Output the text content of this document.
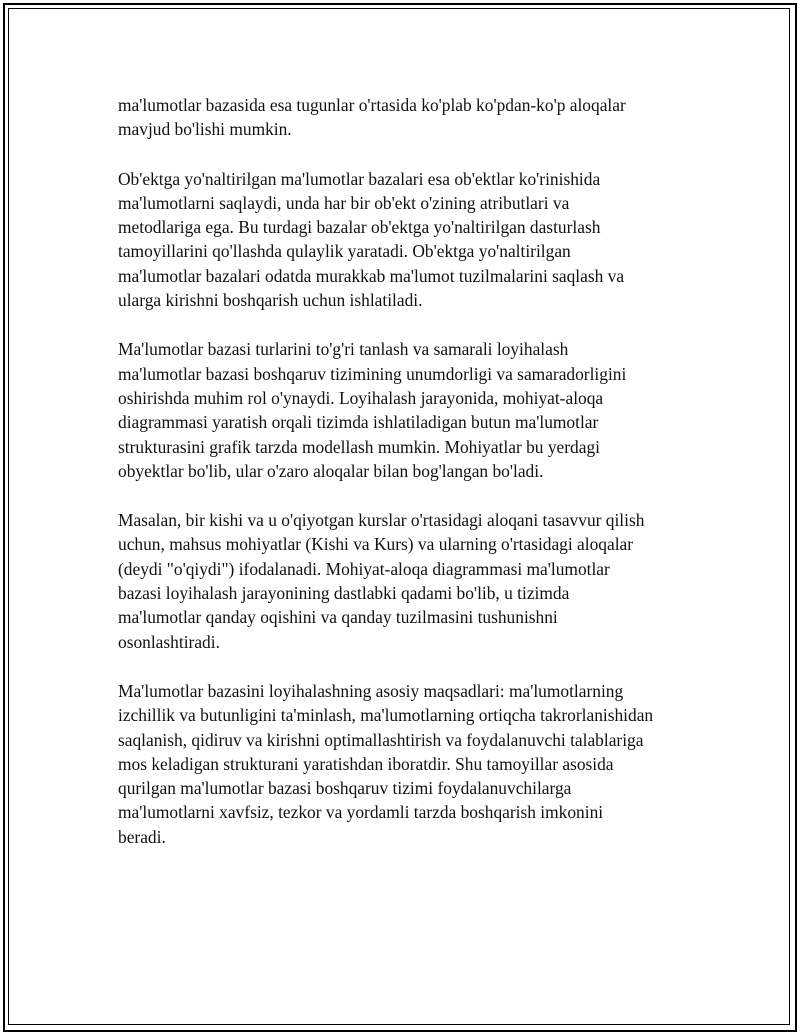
ma'lumotlar bazasida esa tugunlar o'rtasida ko'plab ko'pdan-ko'p aloqalar
mavjud bo'lishi mumkin.

Ob'ektga yo'naltirilgan ma'lumotlar bazalari esa ob'ektlar ko'rinishida
ma'lumotlarni saqlaydi, unda har bir ob'ekt o'zining atributlari va
metodlariga ega. Bu turdagi bazalar ob'ektga yo'naltirilgan dasturlash
tamoyillarini qo'llashda qulaylik yaratadi. Ob'ektga yo'naltirilgan
ma'lumotlar bazalari odatda murakkab ma'lumot tuzilmalarini saqlash va
ularga kirishni boshqarish uchun ishlatiladi.

Ma'lumotlar bazasi turlarini to'g'ri tanlash va samarali loyihalash
ma'lumotlar bazasi boshqaruv tizimining unumdorligi va samaradorligini
oshirishda muhim rol o'ynaydi. Loyihalash jarayonida, mohiyat-aloqa
diagrammasi yaratish orqali tizimda ishlatiladigan butun ma'lumotlar
strukturasini grafik tarzda modellash mumkin. Mohiyatlar bu yerdagi
obyektlar bo'lib, ular o'zaro aloqalar bilan bog'langan bo'ladi.

Masalan, bir kishi va u o'qiyotgan kurslar o'rtasidagi aloqani tasavvur qilish
uchun, mahsus mohiyatlar (Kishi va Kurs) va ularning o'rtasidagi aloqalar
(deydi "o'qiydi") ifodalanadi. Mohiyat-aloqa diagrammasi ma'lumotlar
bazasi loyihalash jarayonining dastlabki qadami bo'lib, u tizimda
ma'lumotlar qanday oqishini va qanday tuzilmasini tushunishni
osonlashtiradi.

Ma'lumotlar bazasini loyihalashning asosiy maqsadlari: ma'lumotlarning
izchillik va butunligini ta'minlash, ma'lumotlarning ortiqcha takrorlanishidan
saqlanish, qidiruv va kirishni optimallashtirish va foydalanuvchi talablariga
mos keladigan strukturani yaratishdan iboratdir. Shu tamoyillar asosida
qurilgan ma'lumotlar bazasi boshqaruv tizimi foydalanuvchilarga
ma'lumotlarni xavfsiz, tezkor va yordamli tarzda boshqarish imkonini
beradi.
